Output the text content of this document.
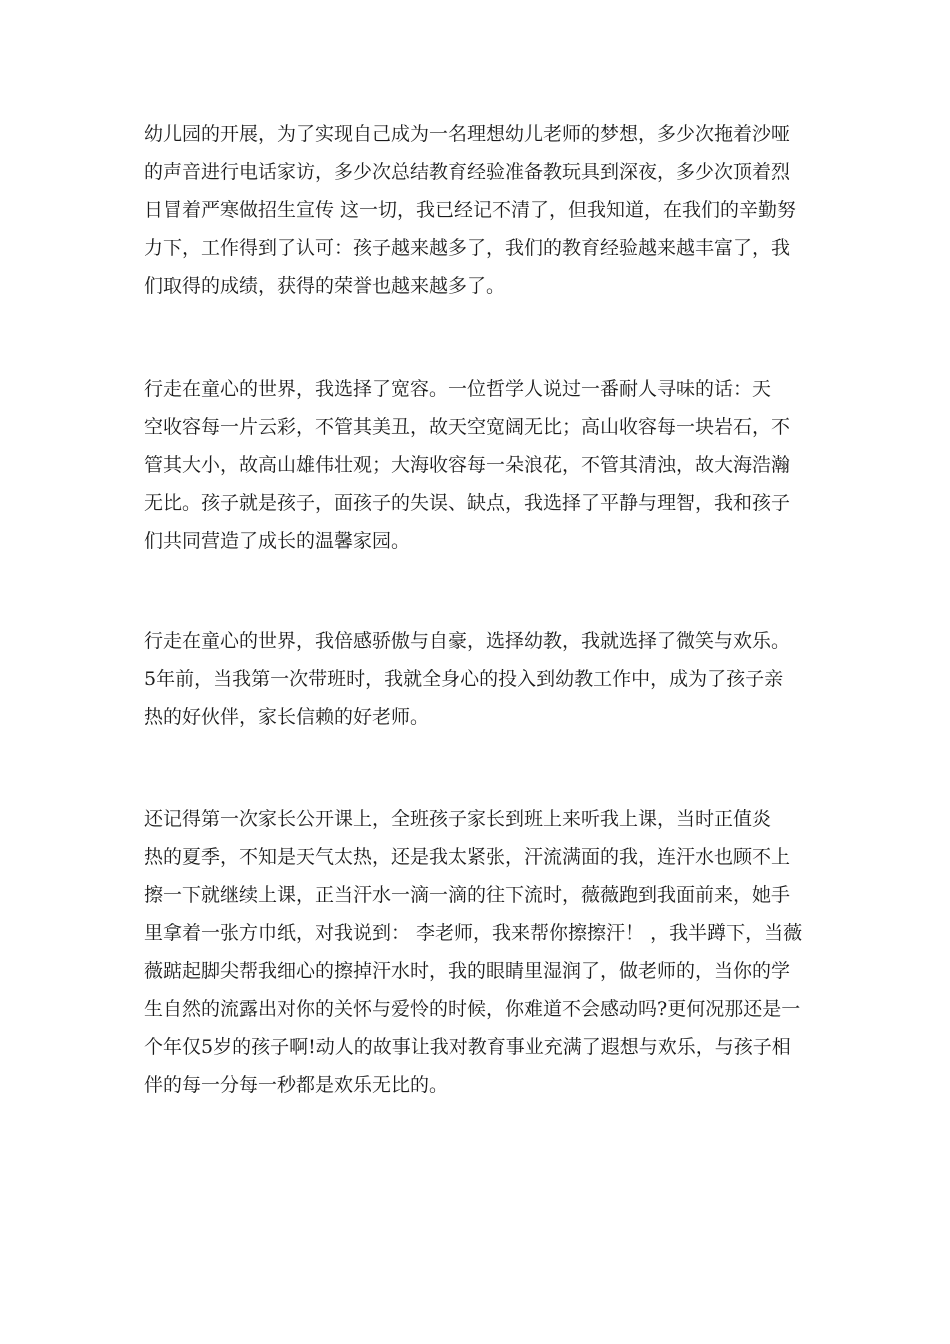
幼儿园的开展，为了实现自己成为一名理想幼儿老师的梦想，多少次拖着沙哑
的声音进行电话家访，多少次总结教育经验准备教玩具到深夜，多少次顶着烈
日冒着严寒做招生宣传 这一切，我已经记不清了，但我知道，在我们的辛勤努
力下，工作得到了认可：孩子越来越多了，我们的教育经验越来越丰富了，我
们取得的成绩，获得的荣誉也越来越多了。
行走在童心的世界，我选择了宽容。一位哲学人说过一番耐人寻味的话：天
空收容每一片云彩，不管其美丑，故天空宽阔无比；高山收容每一块岩石，不
管其大小，故高山雄伟壮观；大海收容每一朵浪花，不管其清浊，故大海浩瀚
无比。孩子就是孩子，面孩子的失误、缺点，我选择了平静与理智，我和孩子
们共同营造了成长的温馨家园。
行走在童心的世界，我倍感骄傲与自豪，选择幼教，我就选择了微笑与欢乐。
5年前，当我第一次带班时，我就全身心的投入到幼教工作中，成为了孩子亲
热的好伙伴，家长信赖的好老师。
还记得第一次家长公开课上，全班孩子家长到班上来听我上课，当时正值炎
热的夏季，不知是天气太热，还是我太紧张，汗流满面的我，连汗水也顾不上
擦一下就继续上课，正当汗水一滴一滴的往下流时，薇薇跑到我面前来，她手
里拿着一张方巾纸，对我说到： 李老师，我来帮你擦擦汗！ ，我半蹲下，当薇
薇踮起脚尖帮我细心的擦掉汗水时，我的眼睛里湿润了，做老师的，当你的学
生自然的流露出对你的关怀与爱怜的时候，你难道不会感动吗?更何况那还是一
个年仅5岁的孩子啊!动人的故事让我对教育事业充满了遐想与欢乐，与孩子相
伴的每一分每一秒都是欢乐无比的。
